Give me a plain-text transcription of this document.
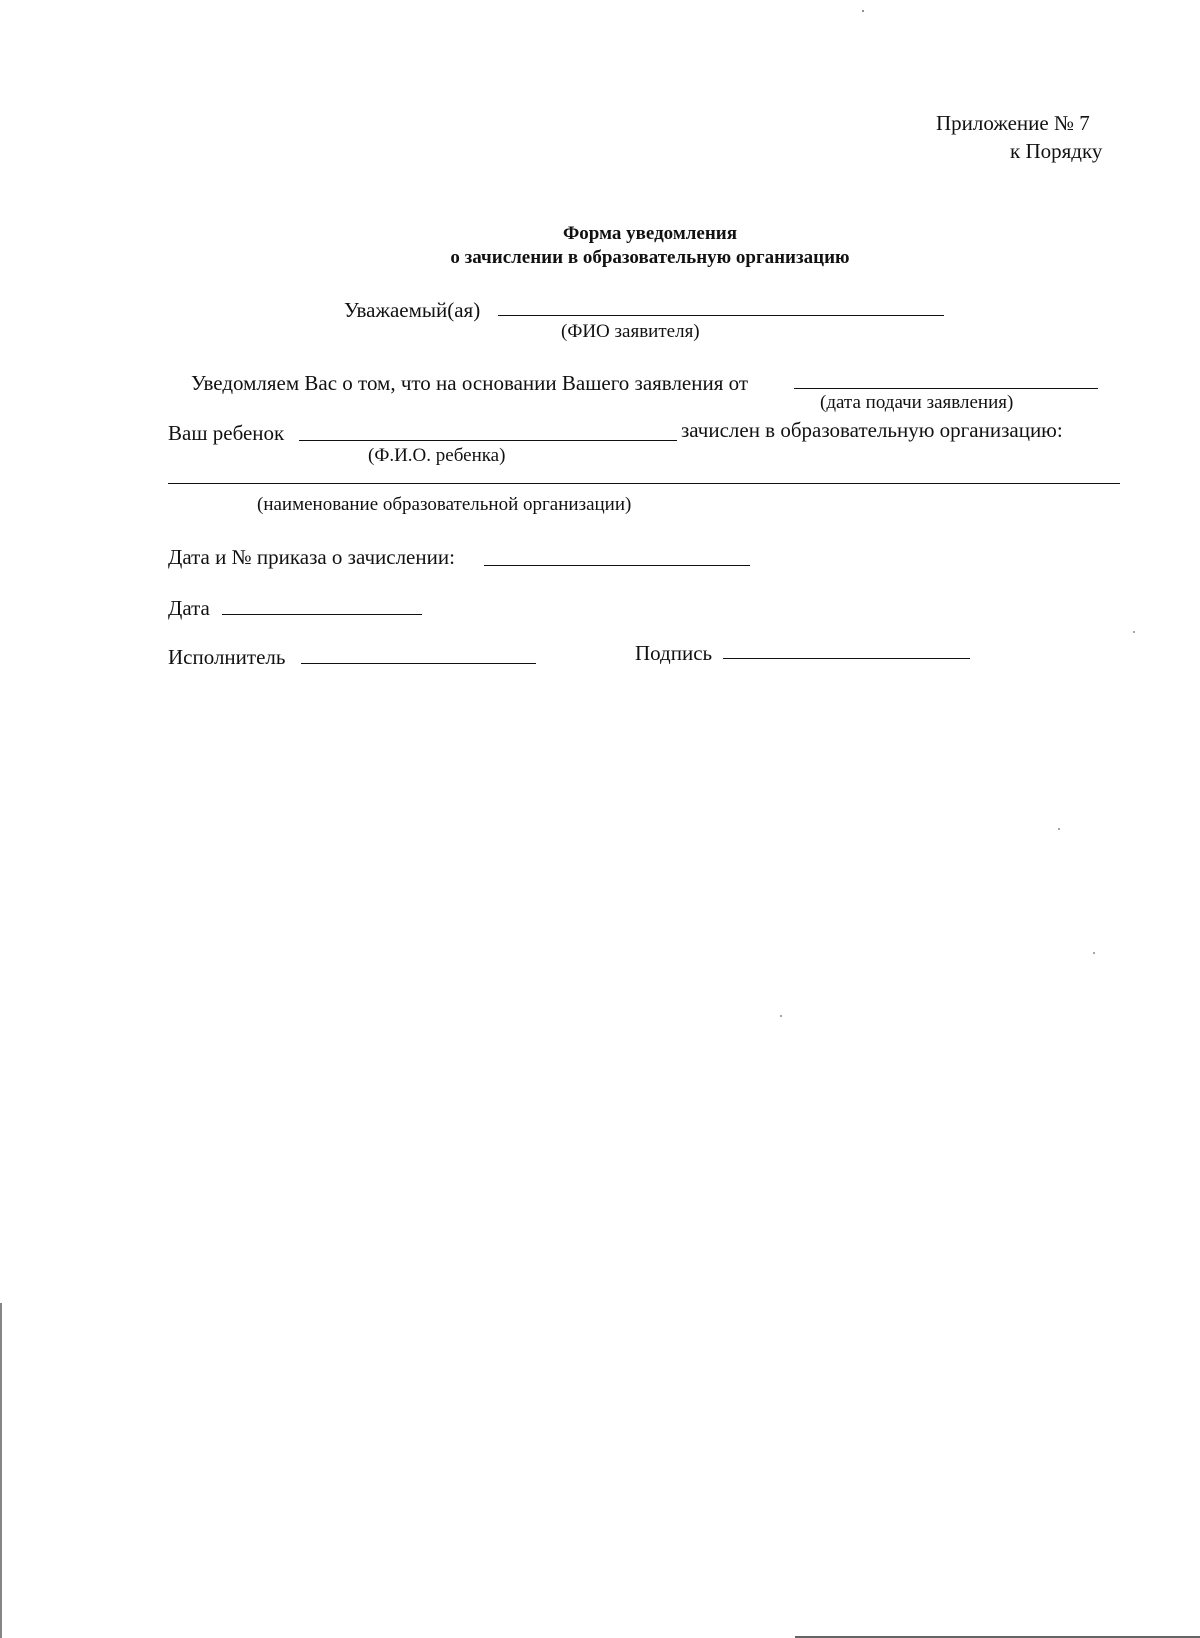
Приложение № 7
к Порядку
Форма уведомления
о зачислении в образовательную организацию
Уважаемый(ая)
(ФИО заявителя)
Уведомляем Вас о том, что на основании Вашего заявления от
(дата подачи заявления)
Ваш ребенок	зачислен в образовательную организацию:
(Ф.И.О. ребенка)
(наименование образовательной организации)
Дата и № приказа о зачислении:
Дата
Исполнитель	Подпись
